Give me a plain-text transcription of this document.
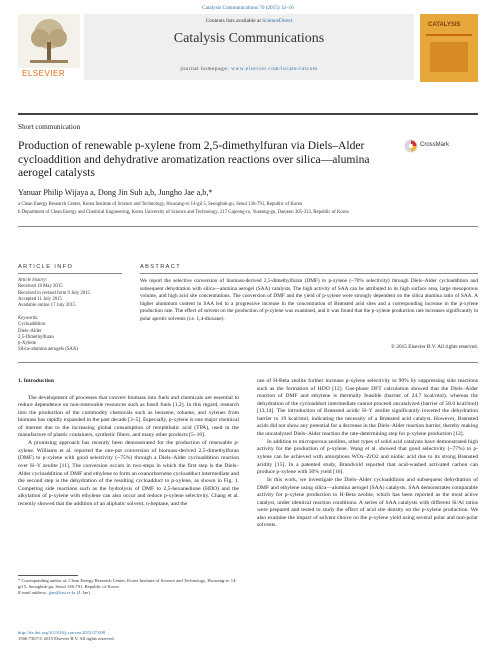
Catalysis Communications 70 (2015) 12–16
ELSEVIER
Contents lists available at ScienceDirect
Catalysis Communications
journal homepage: www.elsevier.com/locate/catcom
CATALYSIS
Short communication
Production of renewable p-xylene from 2,5-dimethylfuran via Diels–Alder cycloaddition and dehydrative aromatization reactions over silica—alumina aerogel catalysts
CrossMark
Yanuar Philip Wijaya a, Dong Jin Suh a,b, Jungho Jae a,b,*
a Clean Energy Research Center, Korea Institute of Science and Technology, Hwarang-ro 14-gil 5, Seongbuk-gu, Seoul 136-791, Republic of Korea
b Department of Clean Energy and Chemical Engineering, Korea University of Science and Technology, 217 Gajeong-ro, Yuseong-gu, Daejeon 305-333, Republic of Korea
ARTICLE INFO
Article history:
Received 18 May 2015
Received in revised form 9 July 2015
Accepted 11 July 2015
Available online 17 July 2015
Keywords:
Cycloaddition
Diels–Alder
2,5-Dimethylfuran
p-Xylene
Silica–alumina aerogels (SAA)
ABSTRACT
We report the selective conversion of biomass-derived 2,5-dimethylfuran (DMF) to p-xylene (~70% selectivity) through Diels–Alder cycloaddition and subsequent dehydration with silica—alumina aerogel (SAA) catalysts. The high activity of SAA can be attributed to its high surface area, large mesoporous volume, and high acid site concentrations. The conversion of DMF and the yield of p-xylene were strongly dependent on the silica alumina ratio of SAA. A higher aluminum content in SAA led to a progressive increase in the concentration of Brønsted acid sites and a corresponding increase in the p-xylene production rate. The effect of solvent on the production of p-xylene was examined, and it was found that the p-xylene production rate increases significantly in polar aprotic solvents (i.e. 1,4-dioxane).
© 2015 Elsevier B.V. All rights reserved.
1. Introduction

The development of processes that convert biomass into fuels and chemicals are essential to reduce dependence on non-renewable resources such as fossil fuels [1,2]. In this regard, research into the production of the commodity chemicals such as benzene, toluene, and xylenes from biomass has rapidly expanded in the past decade [3–5]. Especially, p-xylene is one major chemical of interest due to the increasing global consumption of terephthalic acid (TPA), used in the manufacture of plastic containers, synthetic fibers, and many other products [5–10].

A promising approach has recently been demonstrated for the production of renewable p-xylene. Williams et al. reported the one-pot conversion of biomass-derived 2,5-dimethylfuran (DMF) to p-xylene with good selectivity (~75%) through a Diels–Alder cycloaddition reaction over H–Y zeolite [11]. The conversion occurs in two-steps in which the first step is the Diels–Alder cycloaddition of DMF and ethylene to form an oxanorbornene cycloadduct intermediate and the second step is the dehydration of the resulting cycloadduct to p-xylene, as shown in Fig. 1. Competing side reactions such as the hydrolysis of DMF to 2,5-hexanedione (HDO) and the alkylation of p-xylene with ethylene can also occur and reduce p-xylene selectivity. Chang et al. recently showed that the addition of an aliphatic solvent, n-heptane, and the

use of H-Beta zeolite further increase p-xylene selectivity to 90% by suppressing side reactions such as the formation of HDO [12]. Gas-phase DFT calculation showed that the Diels–Alder reaction of DMF and ethylene is thermally feasible (barrier of 24.7 kcal/mol), whereas the dehydration of the cycloadduct intermediate cannot proceed uncatalyzed (barrier of 58.0 kcal/mol) [13,14]. The introduction of Brønsted acidic H–Y zeolite significantly lowered the dehydration barrier to 19 kcal/mol, indicating the necessity of a Brønsted acid catalyst. However, Brønsted acids did not show any potential for a decrease in the Diels–Alder reaction barrier, thereby making the uncatalyzed Diels–Alder reaction the rate-determining step for p-xylene production [12].

In addition to microporous zeolites, other types of solid acid catalysts have demonstrated high activity for the production of p-xylene. Wang et al. showed that good selectivity (~77%) to p-xylene can be achieved with amorphous WOx–ZrO2 and niobic acid due to its strong Brønsted acidity [15]. In a patented study, Brandvold reported that acid-washed activated carbon can produce p-xylene with 30% yield [16].

In this work, we investigate the Diels–Alder cycloaddition and subsequent dehydration of DMF and ethylene using silica—alumina aerogel (SAA) catalysts. SAA demonstrates comparable activity for p-xylene production to H-Beta zeolite, which has been reported as the most active catalyst, under identical reaction conditions. A series of SAA catalysts with different Si/Al ratios were prepared and tested to study the effect of acid site density on the p-xylene production. We also examine the impact of solvent choice on the p-xylene yield using several polar and non-polar solvents.

* Corresponding author at: Clean Energy Research Center, Korea Institute of Science and Technology, Hwarang-ro 14-gil 5, Seongbuk-gu, Seoul 136-791, Republic of Korea.
E-mail address: jjae@kist.re.kr (J. Jae).
http://dx.doi.org/10.1016/j.catcom.2015.07.008
1566-7367/© 2015 Elsevier B.V. All rights reserved.
